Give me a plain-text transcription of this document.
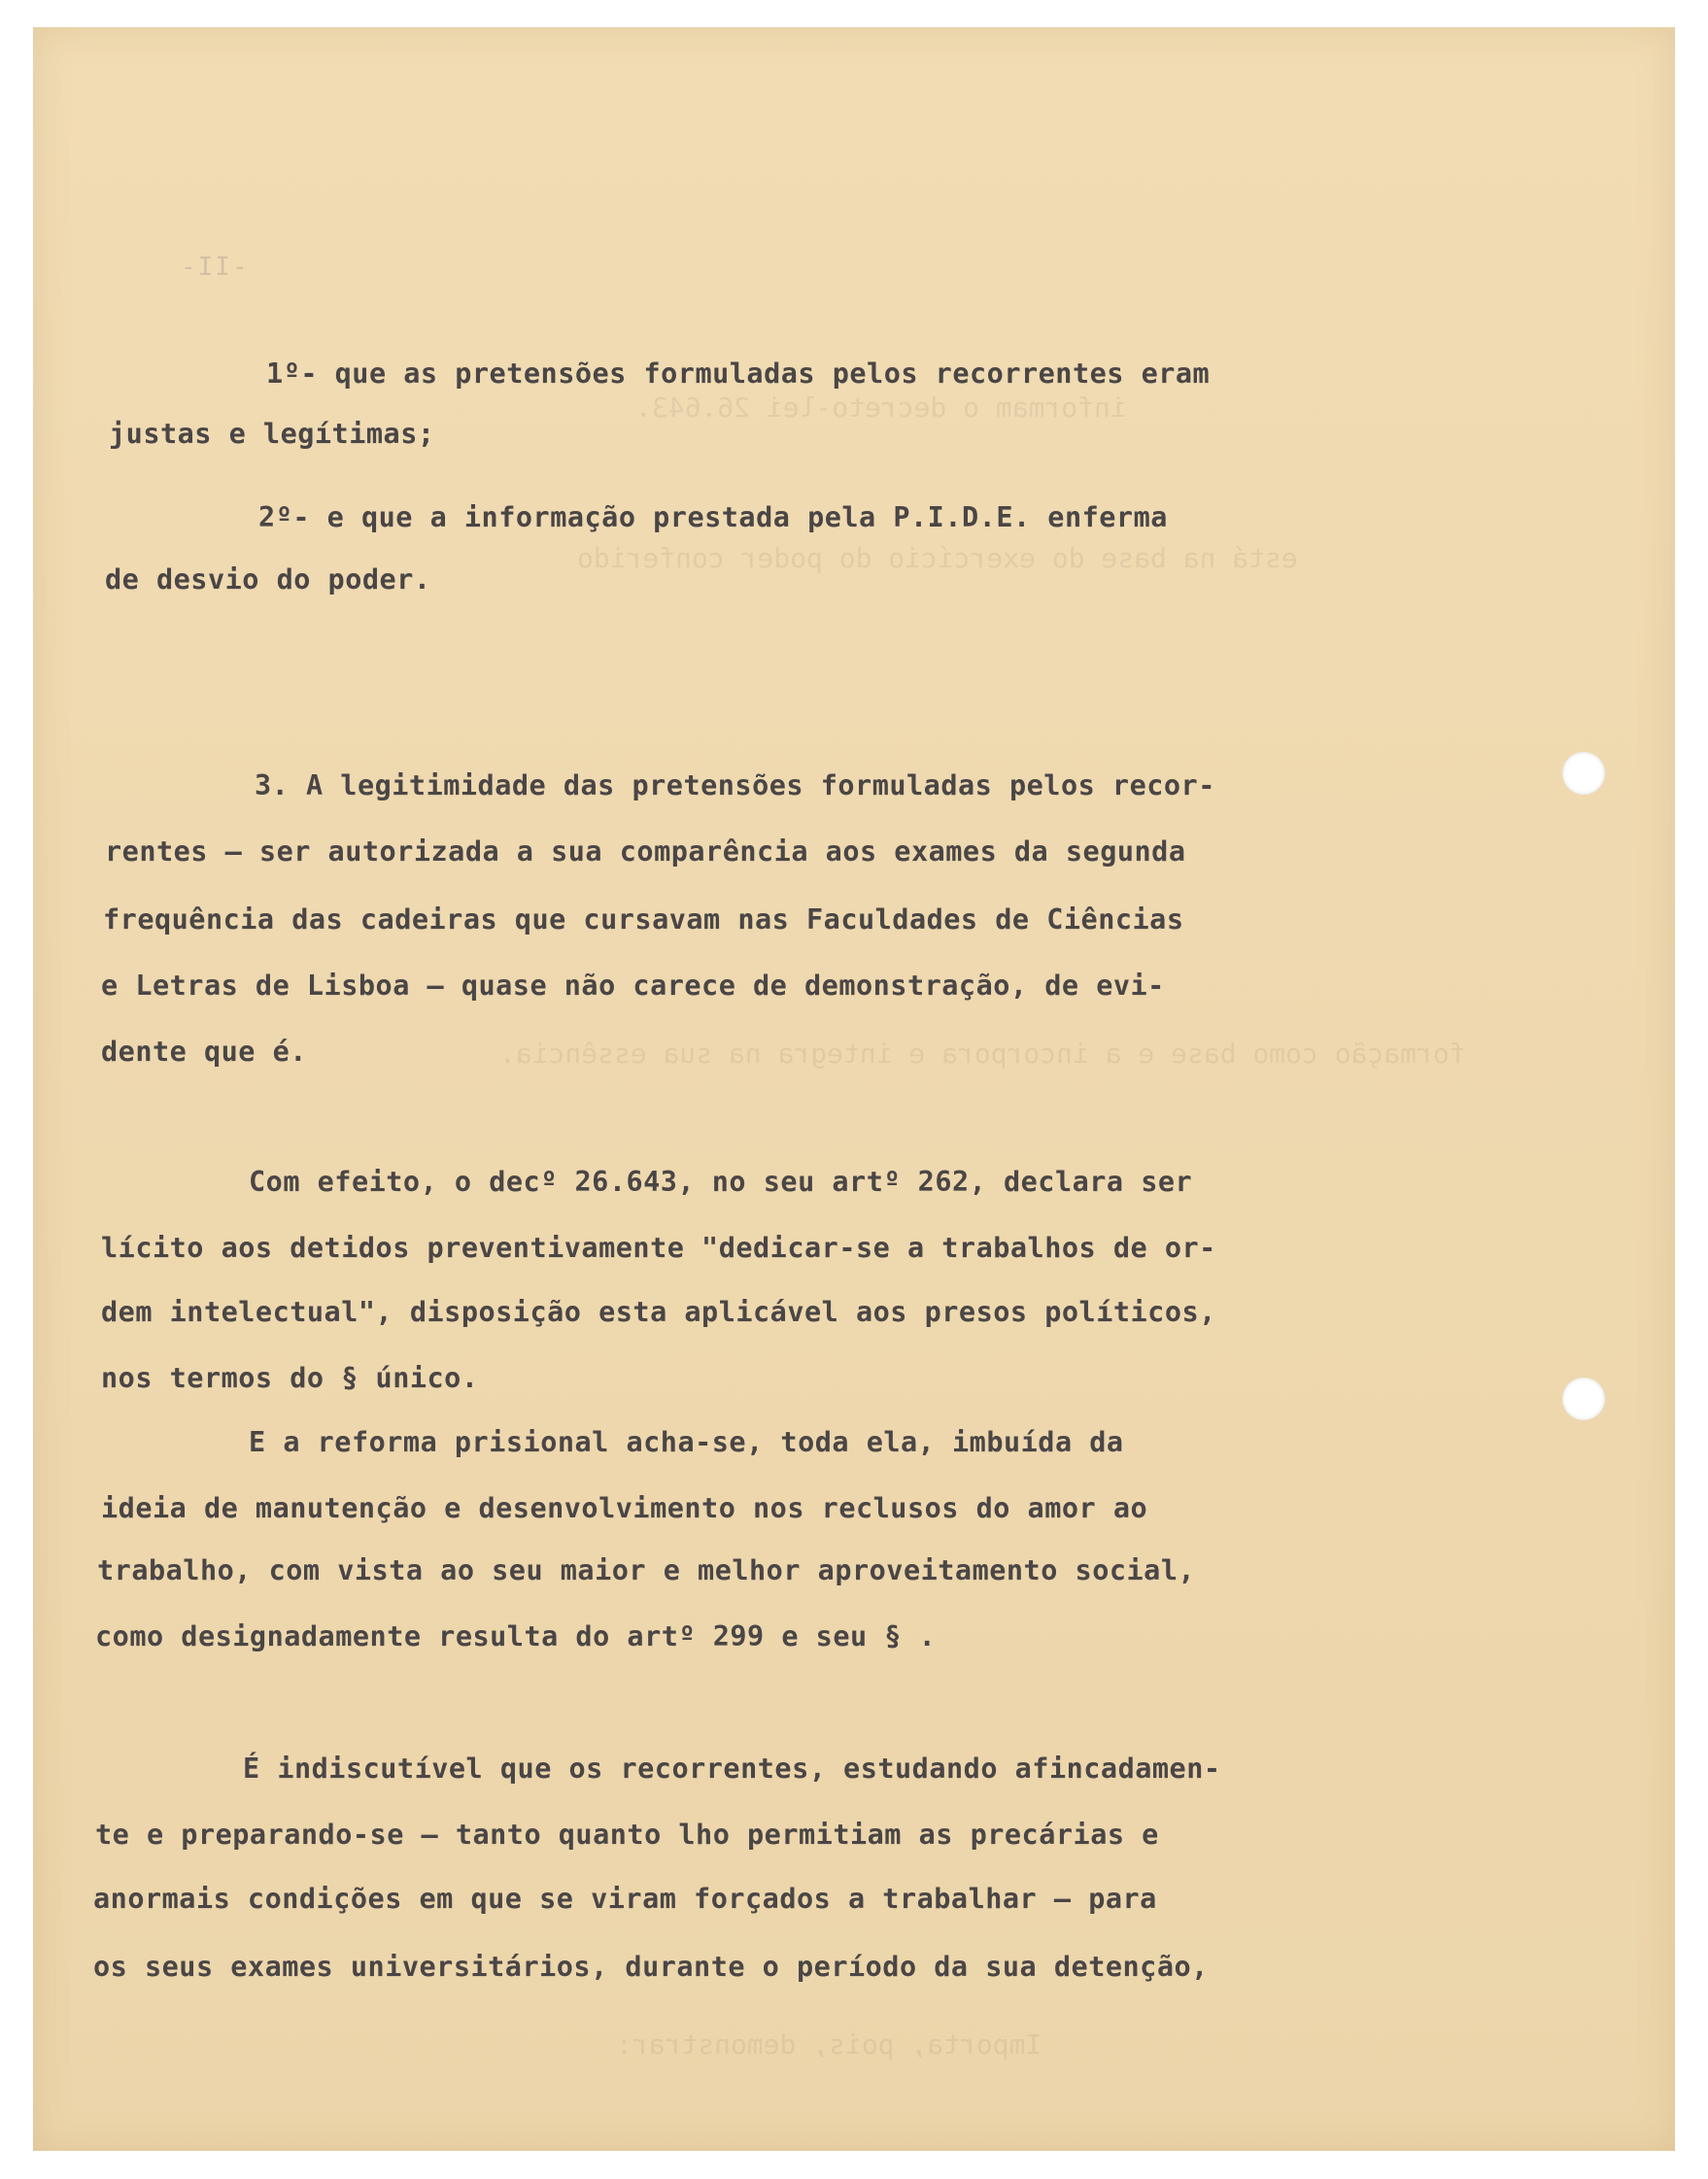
informam o decreto-lei 26.643.
está na base do exercício do poder conferido
formação como base e a incorpora e integra na sua essência.
Importa, pois, demonstrar:
-II-
1º- que as pretensões formuladas pelos recorrentes eram
justas e legítimas;
2º- e que a informação prestada pela P.I.D.E. enferma
de desvio do poder.
3. A legitimidade das pretensões formuladas pelos recor-
rentes — ser autorizada a sua comparência aos exames da segunda
frequência das cadeiras que cursavam nas Faculdades de Ciências
e Letras de Lisboa — quase não carece de demonstração, de evi-
dente que é.
Com efeito, o decº 26.643, no seu artº 262, declara ser
lícito aos detidos preventivamente "dedicar-se a trabalhos de or-
dem intelectual", disposição esta aplicável aos presos políticos,
nos termos do § único.
E a reforma prisional acha-se, toda ela, imbuída da
ideia de manutenção e desenvolvimento nos reclusos do amor ao
trabalho, com vista ao seu maior e melhor aproveitamento social,
como designadamente resulta do artº 299 e seu § .
É indiscutível que os recorrentes, estudando afincadamen-
te e preparando-se — tanto quanto lho permitiam as precárias e
anormais condições em que se viram forçados a trabalhar — para
os seus exames universitários, durante o período da sua detenção,
